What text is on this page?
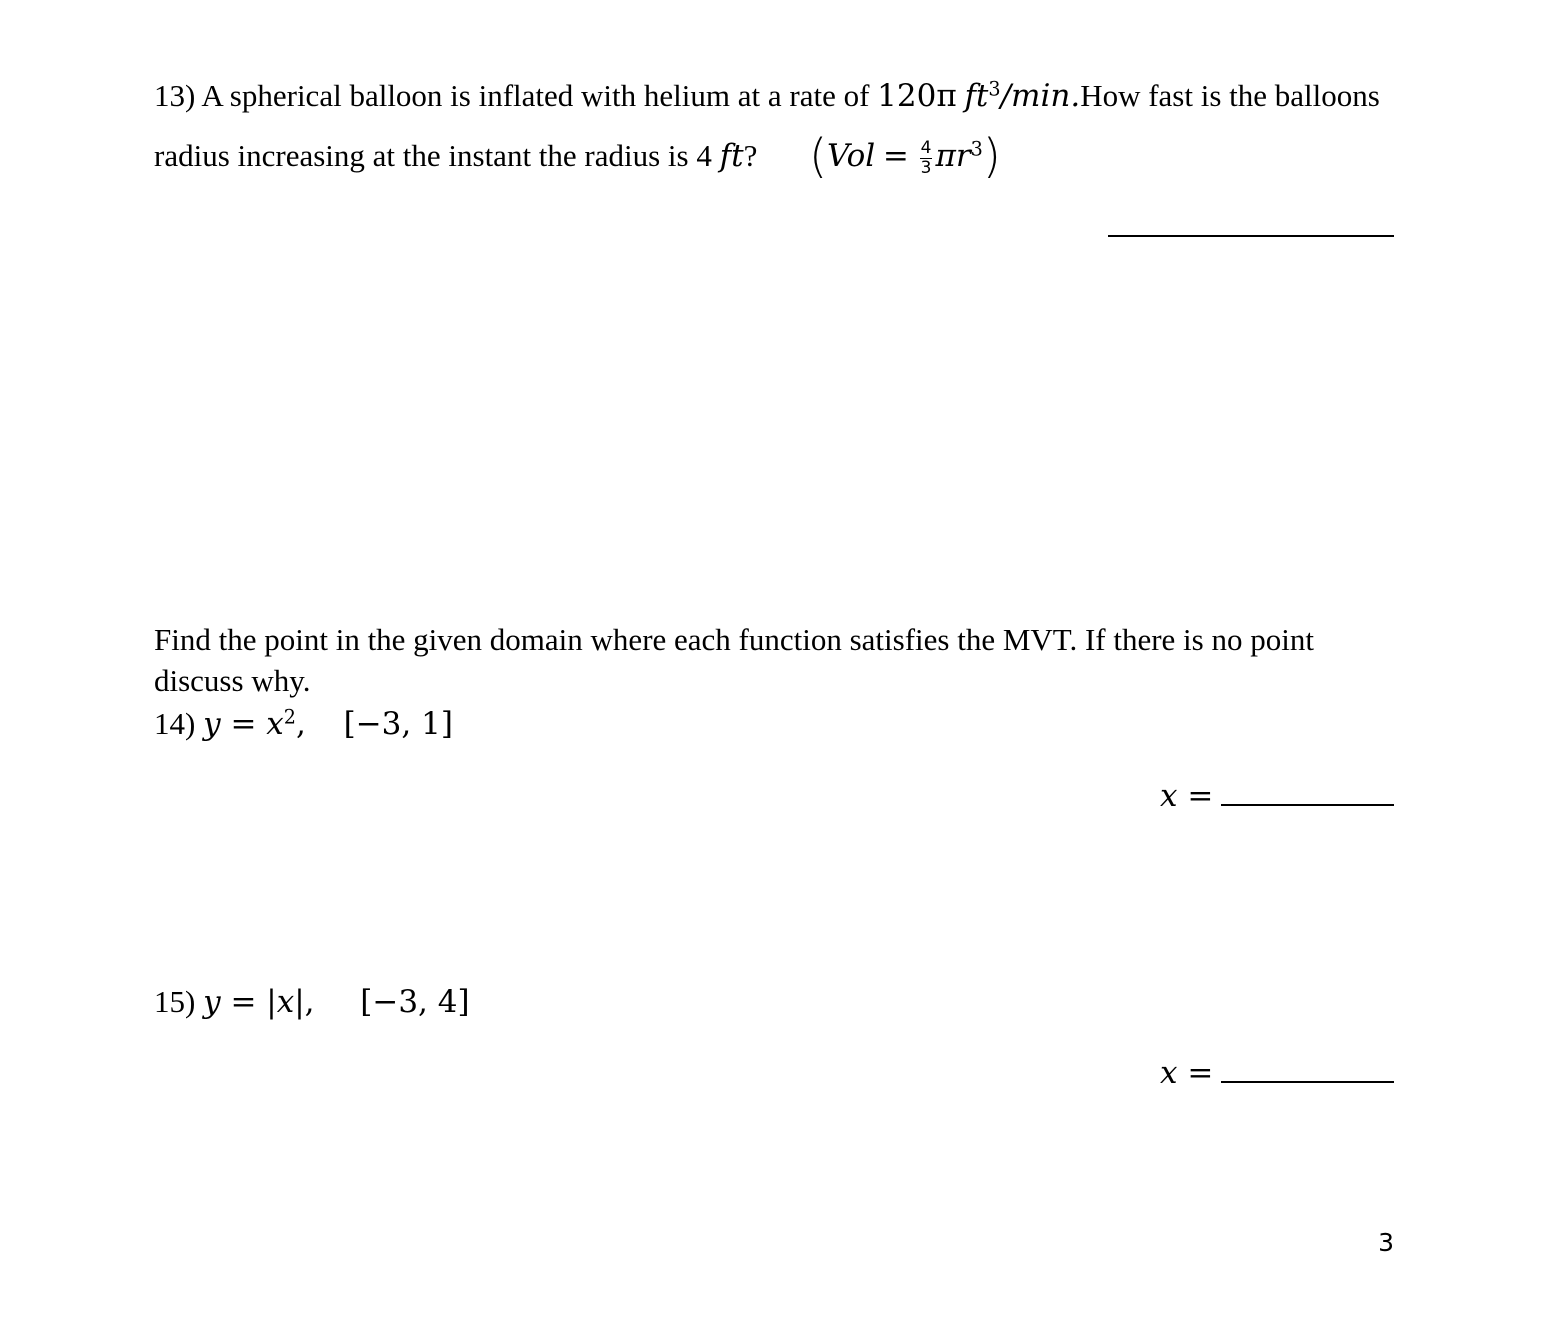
13) A spherical balloon is inflated with helium at a rate of 120π $ft^3/\min.How$ fast is the balloons
radius increasing at the instant the radius is 4 ft? $(Vol = \frac{4}{3} \pi r^3)$
Find the point in the given domain where each function satisfies the MVT. If there is no point
discuss why.
14) $y = x^2$, [−3, 1]
x =
15) y = |x|, [−3, 4]
x =
3
